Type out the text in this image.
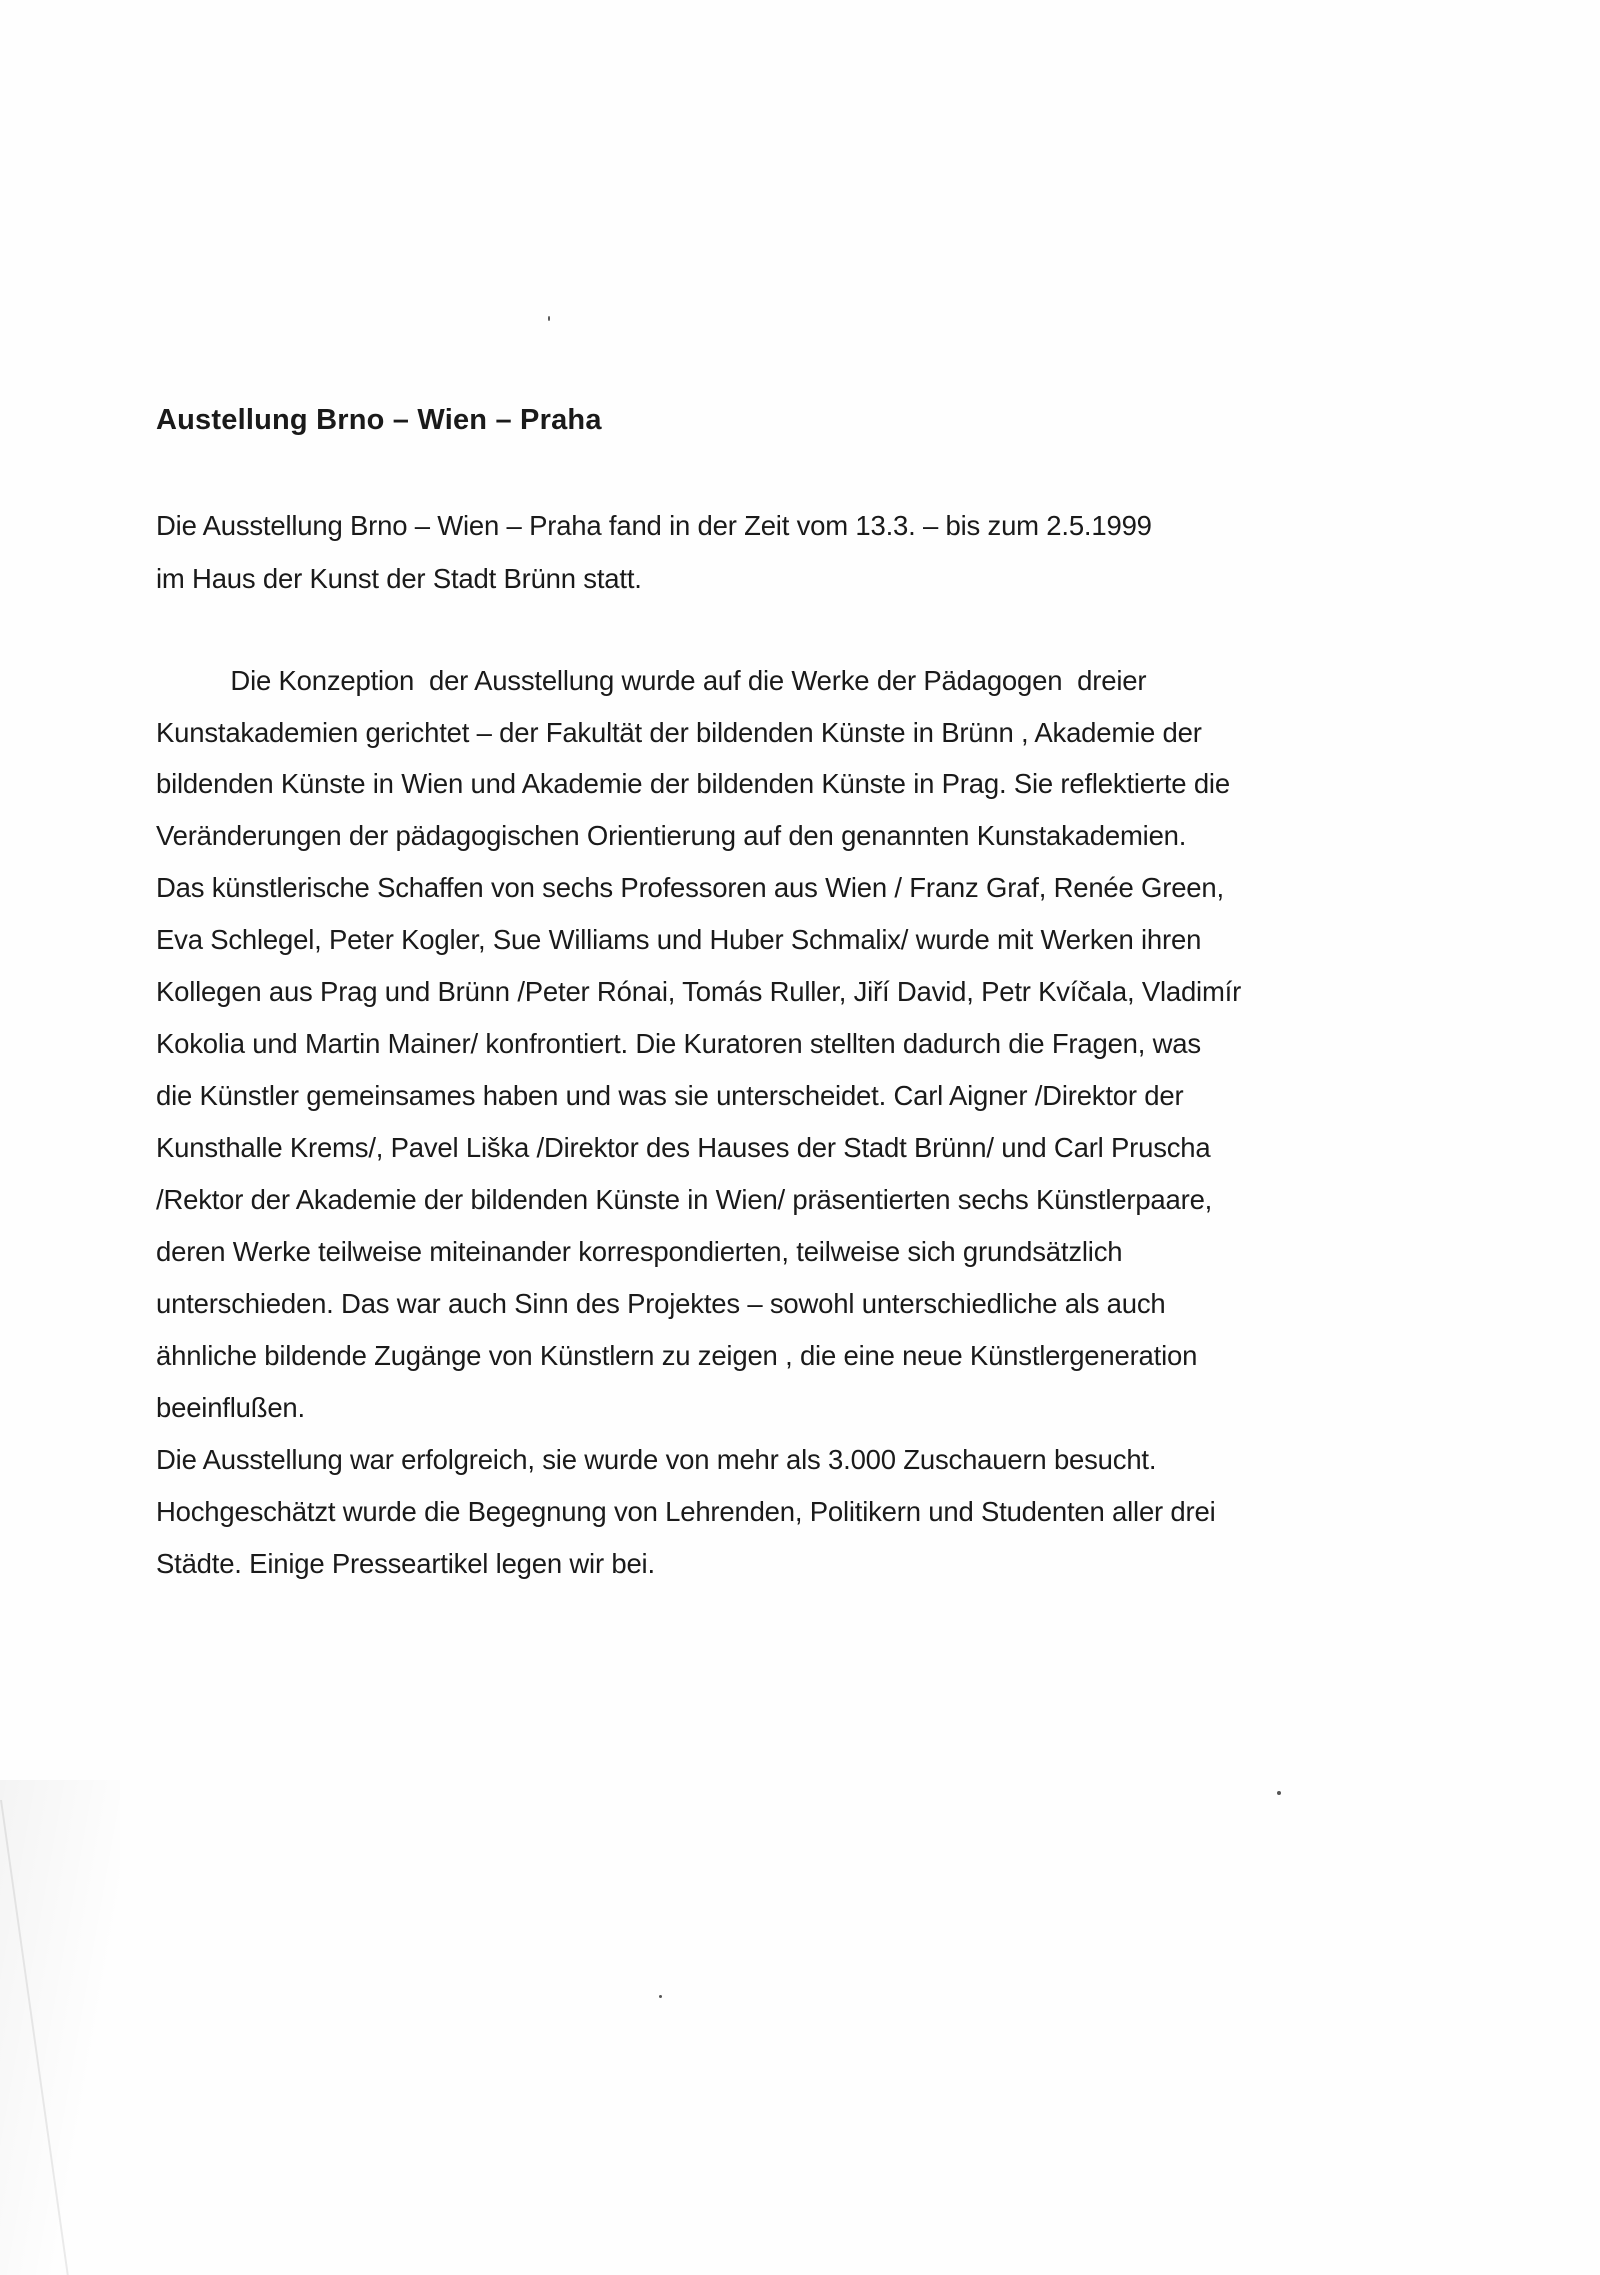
Austellung Brno – Wien – Praha
Die Ausstellung Brno – Wien – Praha fand in der Zeit vom 13.3. – bis zum 2.5.1999
im Haus der Kunst der Stadt Brünn statt.
Die Konzeption  der Ausstellung wurde auf die Werke der Pädagogen  dreier
Kunstakademien gerichtet – der Fakultät der bildenden Künste in Brünn , Akademie der
bildenden Künste in Wien und Akademie der bildenden Künste in Prag. Sie reflektierte die
Veränderungen der pädagogischen Orientierung auf den genannten Kunstakademien.
Das künstlerische Schaffen von sechs Professoren aus Wien / Franz Graf, Renée Green,
Eva Schlegel, Peter Kogler, Sue Williams und Huber Schmalix/ wurde mit Werken ihren
Kollegen aus Prag und Brünn /Peter Rónai, Tomás Ruller, Jiří David, Petr Kvíčala, Vladimír
Kokolia und Martin Mainer/ konfrontiert. Die Kuratoren stellten dadurch die Fragen, was
die Künstler gemeinsames haben und was sie unterscheidet. Carl Aigner /Direktor der
Kunsthalle Krems/, Pavel Liška /Direktor des Hauses der Stadt Brünn/ und Carl Pruscha
/Rektor der Akademie der bildenden Künste in Wien/ präsentierten sechs Künstlerpaare,
deren Werke teilweise miteinander korrespondierten, teilweise sich grundsätzlich
unterschieden. Das war auch Sinn des Projektes – sowohl unterschiedliche als auch
ähnliche bildende Zugänge von Künstlern zu zeigen , die eine neue Künstlergeneration
beeinflußen.
Die Ausstellung war erfolgreich, sie wurde von mehr als 3.000 Zuschauern besucht.
Hochgeschätzt wurde die Begegnung von Lehrenden, Politikern und Studenten aller drei
Städte. Einige Presseartikel legen wir bei.
